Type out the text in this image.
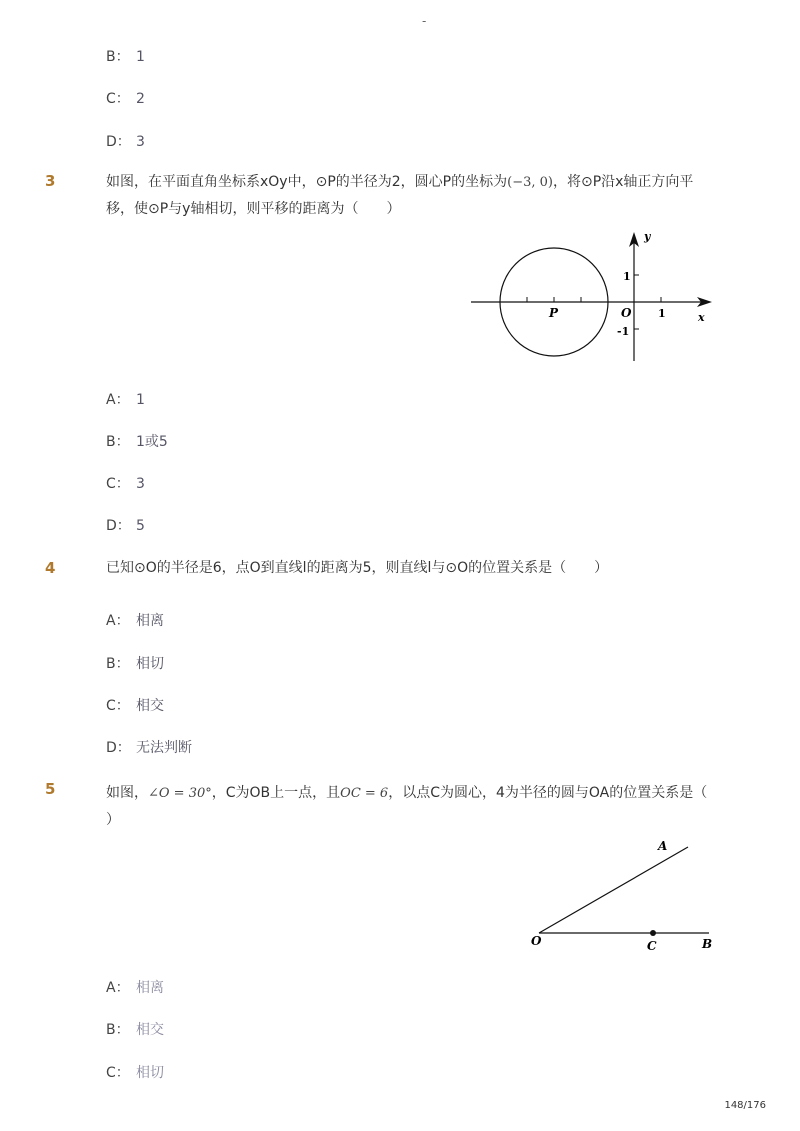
-
B： 1
C： 2
D： 3
3	如图，在平面直角坐标系xOy中，⊙P的半径为2，圆心P的坐标为(−3, 0)，将⊙P沿x轴正方向平
移，使⊙P与y轴相切，则平移的距离为（　　）
y
x
O
P
1
-1
1
A： 1
B： 1或5
C： 3
D： 5
4	已知⊙O的半径是6，点O到直线l的距离为5，则直线l与⊙O的位置关系是（　　）
A： 相离
B： 相切
C： 相交
D： 无法判断
5	如图，∠O = 30°，C为OB上一点，且OC = 6，以点C为圆心，4为半径的圆与OA的位置关系是（
）
A
O	C	B
A： 相离
B： 相交
C： 相切
148/176
